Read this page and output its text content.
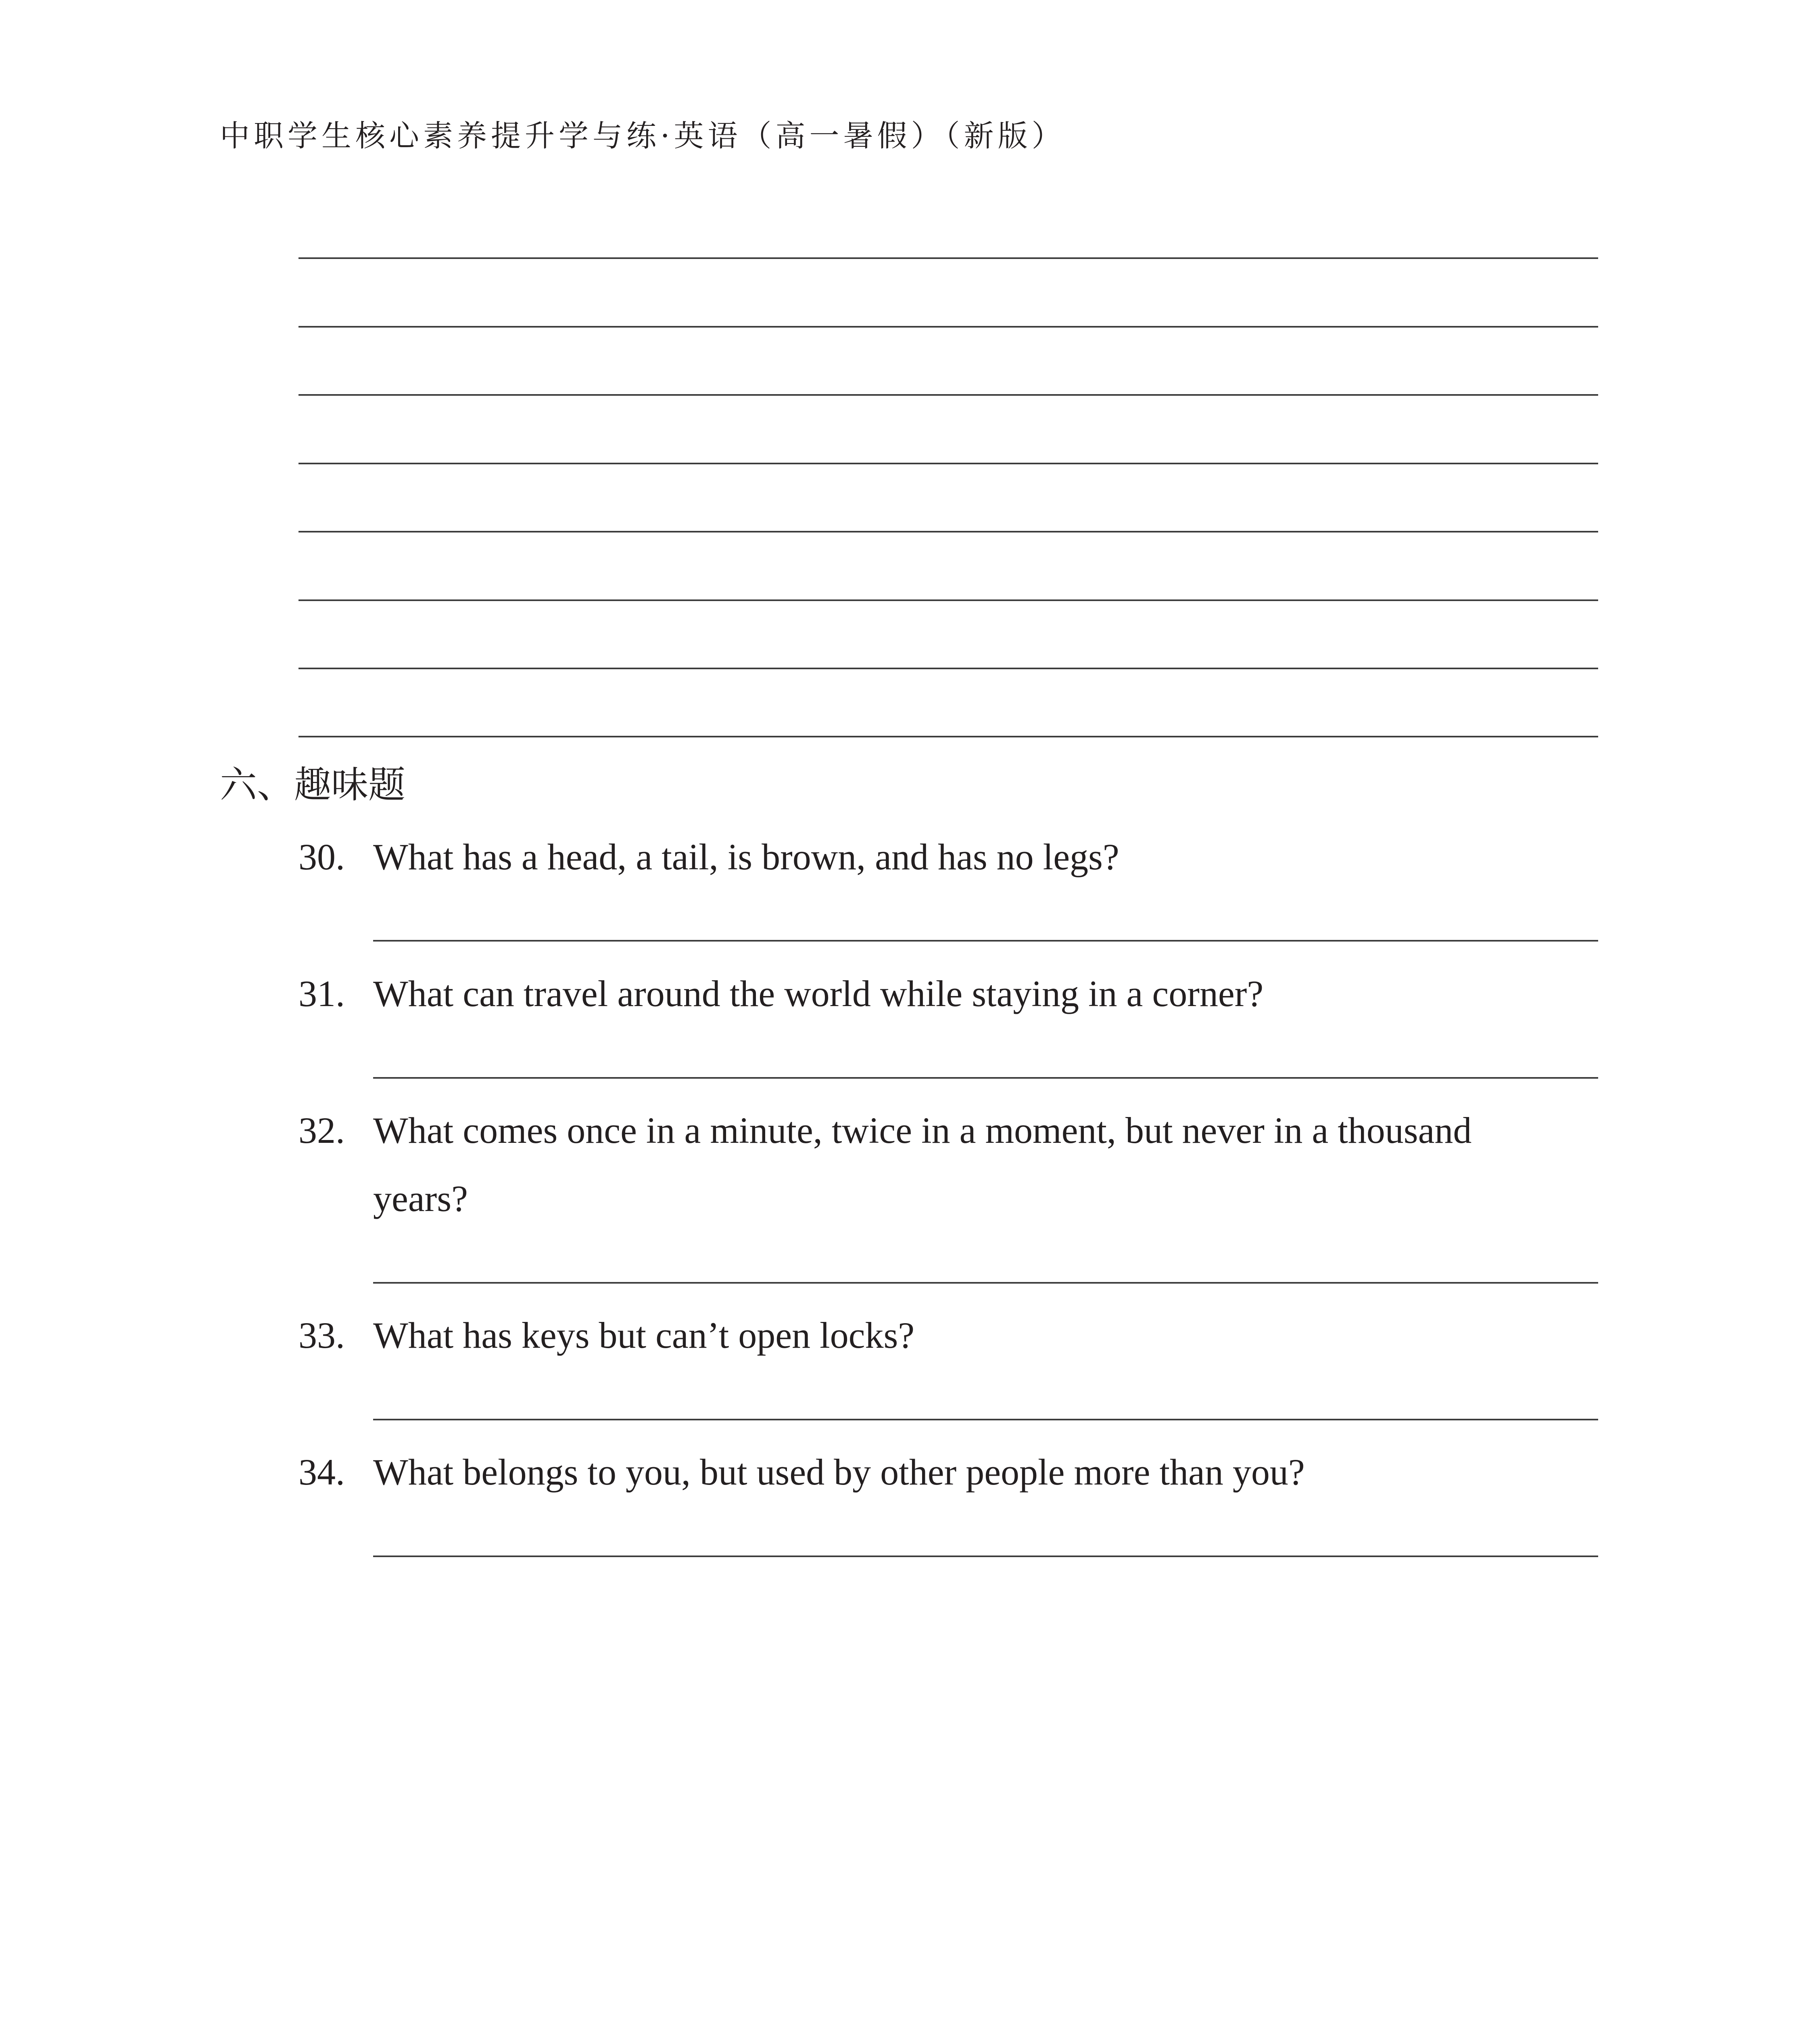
中职学生核心素养提升学与练·英语（高一暑假）（新版）
六、趣味题
30. What has a head, a tail, is brown, and has no legs?
31. What can travel around the world while staying in a corner?
32. What comes once in a minute, twice in a moment, but never in a thousand
years?
33. What has keys but can’t open locks?
34. What belongs to you, but used by other people more than you?
